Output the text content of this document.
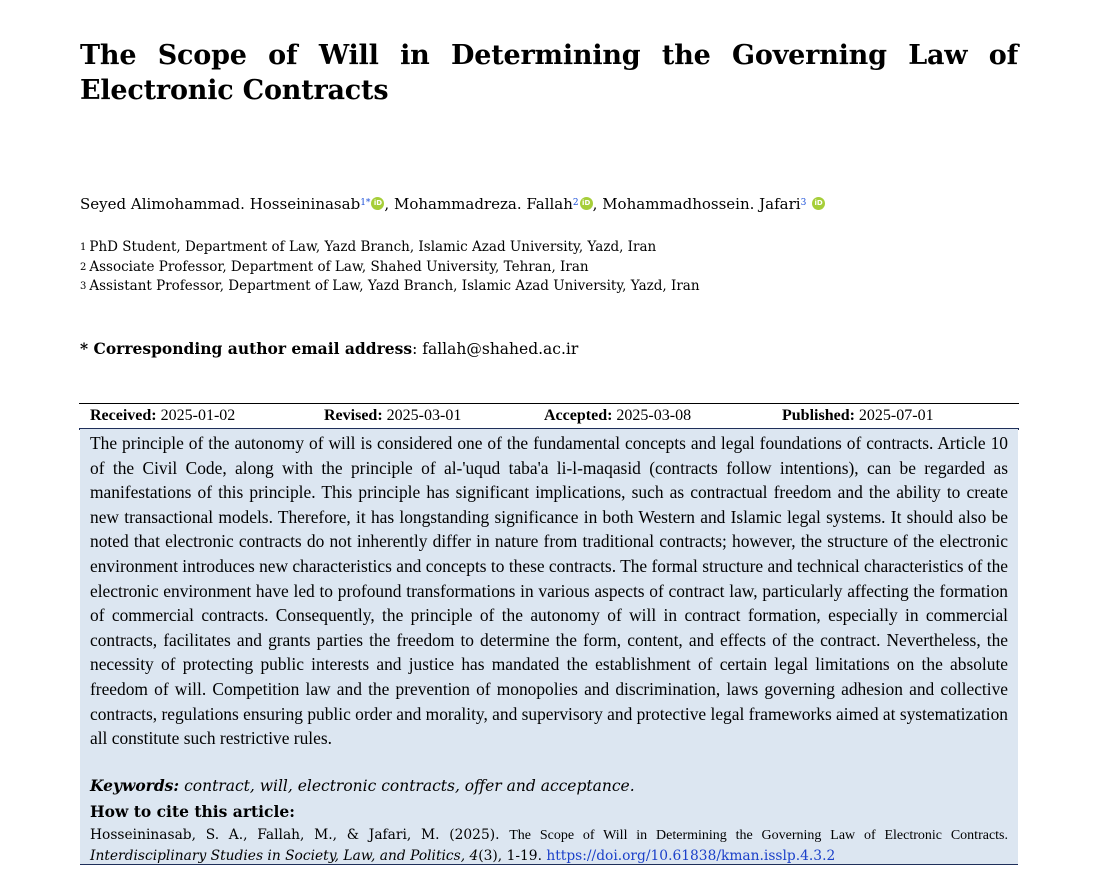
The Scope of Will in Determining the Governing Law of Electronic Contracts
Seyed Alimohammad. Hosseininasab$^{1*}$ iD , Mohammadreza. Fallah$^2$ iD , Mohammadhossein. Jafari$^3$ iD
1 PhD Student, Department of Law, Yazd Branch, Islamic Azad University, Yazd, Iran
2 Associate Professor, Department of Law, Shahed University, Tehran, Iran
3 Assistant Professor, Department of Law, Yazd Branch, Islamic Azad University, Yazd, Iran
* Corresponding author email address: fallah@shahed.ac.ir
Received: 2025-01-02	Revised: 2025-03-01	Accepted: 2025-03-08	Published: 2025-07-01

The principle of the autonomy of will is considered one of the fundamental concepts and legal foundations of contracts. Article 10 of the Civil Code, along with the principle of al-'uqud taba'a li-l-maqasid (contracts follow intentions), can be regarded as manifestations of this principle. This principle has significant implications, such as contractual freedom and the ability to create new transactional models. Therefore, it has longstanding significance in both Western and Islamic legal systems. It should also be noted that electronic contracts do not inherently differ in nature from traditional contracts; however, the structure of the electronic environment introduces new characteristics and concepts to these contracts. The formal structure and technical characteristics of the electronic environment have led to profound transformations in various aspects of contract law, particularly affecting the formation of commercial contracts. Consequently, the principle of the autonomy of will in contract formation, especially in commercial contracts, facilitates and grants parties the freedom to determine the form, content, and effects of the contract. Nevertheless, the necessity of protecting public interests and justice has mandated the establishment of certain legal limitations on the absolute freedom of will. Competition law and the prevention of monopolies and discrimination, laws governing adhesion and collective contracts, regulations ensuring public order and morality, and supervisory and protective legal frameworks aimed at systematization all constitute such restrictive rules.

Keywords: contract, will, electronic contracts, offer and acceptance.
How to cite this article:

Hosseininasab, S. A., Fallah, M., & Jafari, M. (2025). The Scope of Will in Determining the Governing Law of Electronic Contracts. Interdisciplinary Studies in Society, Law, and Politics, 4(3), 1-19. https://doi.org/10.61838/kman.isslp.4.3.2
